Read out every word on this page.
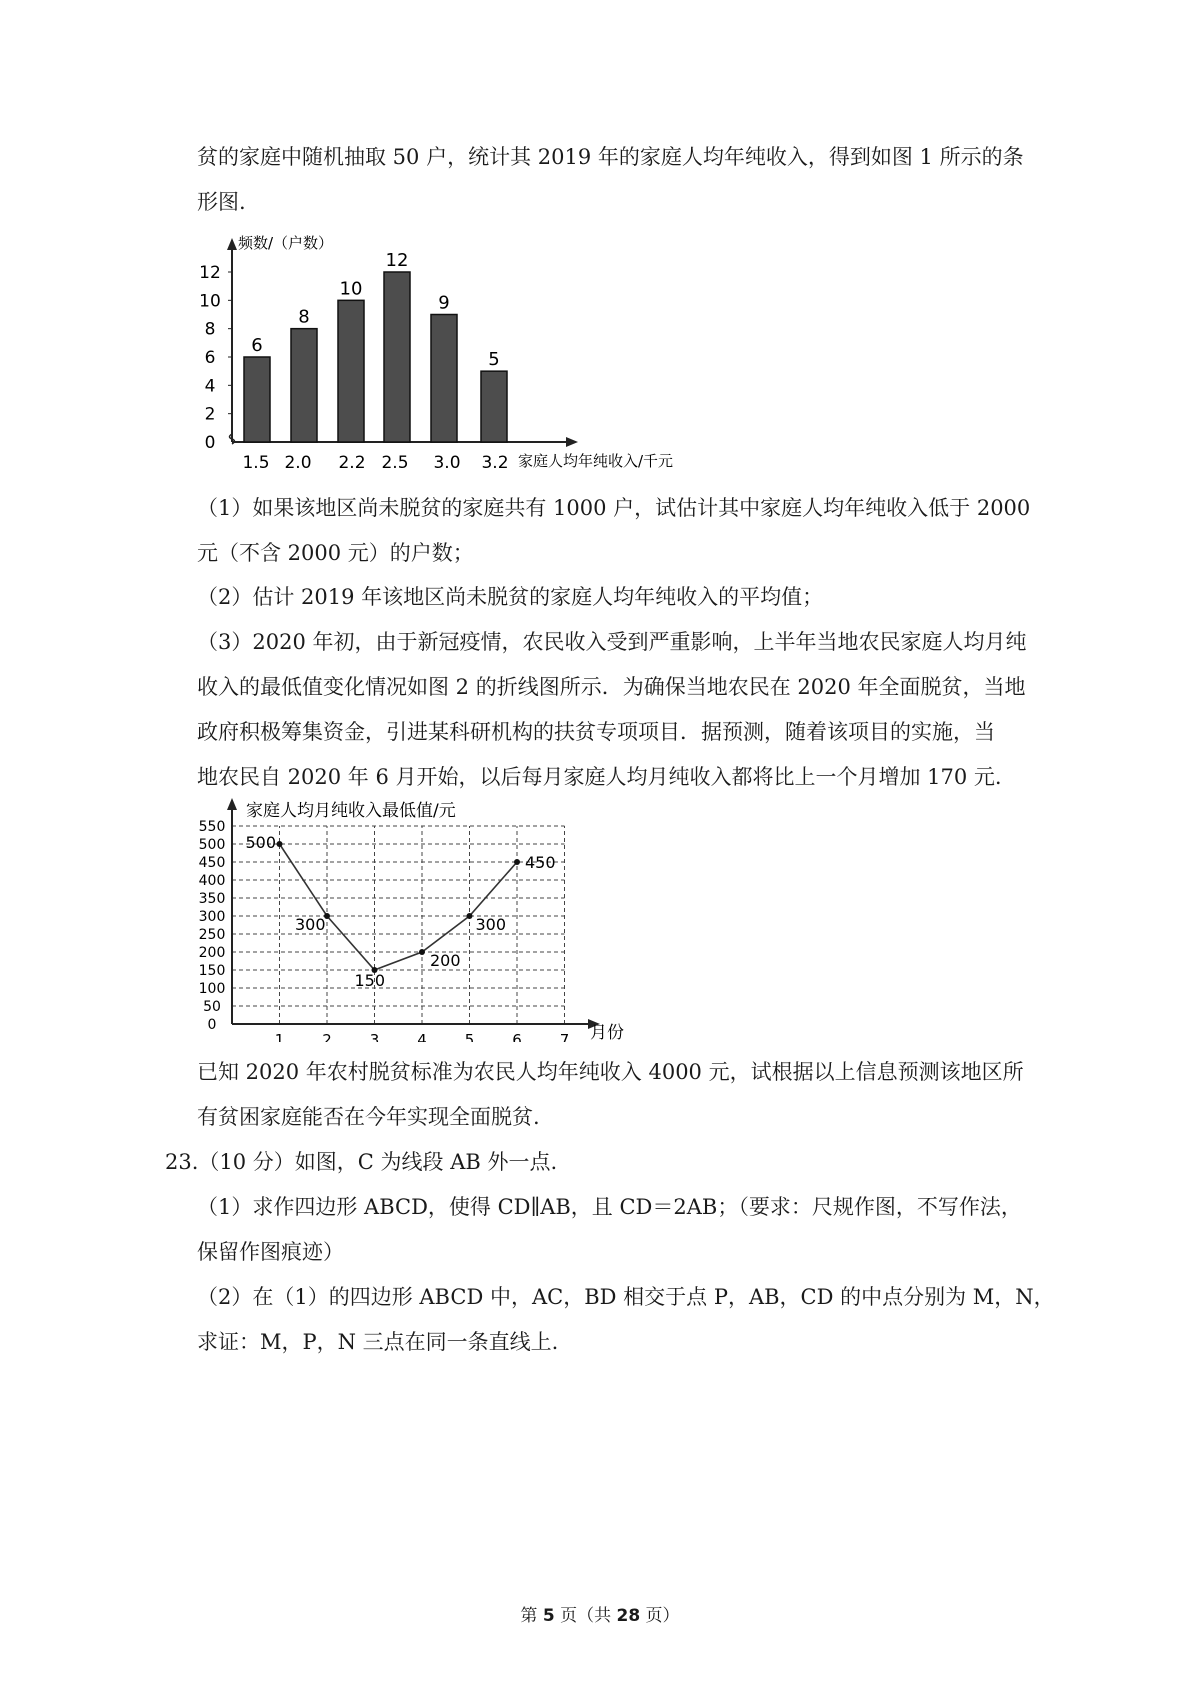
贫的家庭中随机抽取 50 户，统计其 2019 年的家庭人均年纯收入，得到如图 1 所示的条
形图.
频数/（户数）
家庭人均年纯收入/千元
0
2
4
6
8
10
12
6
8
10
12
9
5
1.5 2.0 2.2 2.5 3.0 3.2
（1）如果该地区尚未脱贫的家庭共有 1000 户，试估计其中家庭人均年纯收入低于 2000
元（不含 2000 元）的户数；
（2）估计 2019 年该地区尚未脱贫的家庭人均年纯收入的平均值；
（3）2020 年初，由于新冠疫情，农民收入受到严重影响，上半年当地农民家庭人均月纯
收入的最低值变化情况如图 2 的折线图所示．为确保当地农民在 2020 年全面脱贫，当地
政府积极筹集资金，引进某科研机构的扶贫专项项目．据预测，随着该项目的实施，当
地农民自 2020 年 6 月开始，以后每月家庭人均月纯收入都将比上一个月增加 170 元.
0
50
100
150
200
250
300
350
400
450
500
550
1	2	3	4	5	6	7
家庭人均月纯收入最低值/元
月份
500
300
150
200
300
450
已知 2020 年农村脱贫标准为农民人均年纯收入 4000 元，试根据以上信息预测该地区所
有贫困家庭能否在今年实现全面脱贫.
23.（10 分）如图，C 为线段 AB 外一点.
（1）求作四边形 ABCD，使得 CD∥AB，且 CD＝2AB；（要求：尺规作图，不写作法，
保留作图痕迹）
（2）在（1）的四边形 ABCD 中，AC，BD 相交于点 P，AB，CD 的中点分别为 M，N，
求证：M，P，N 三点在同一条直线上.
第 5 页（共 28 页）
